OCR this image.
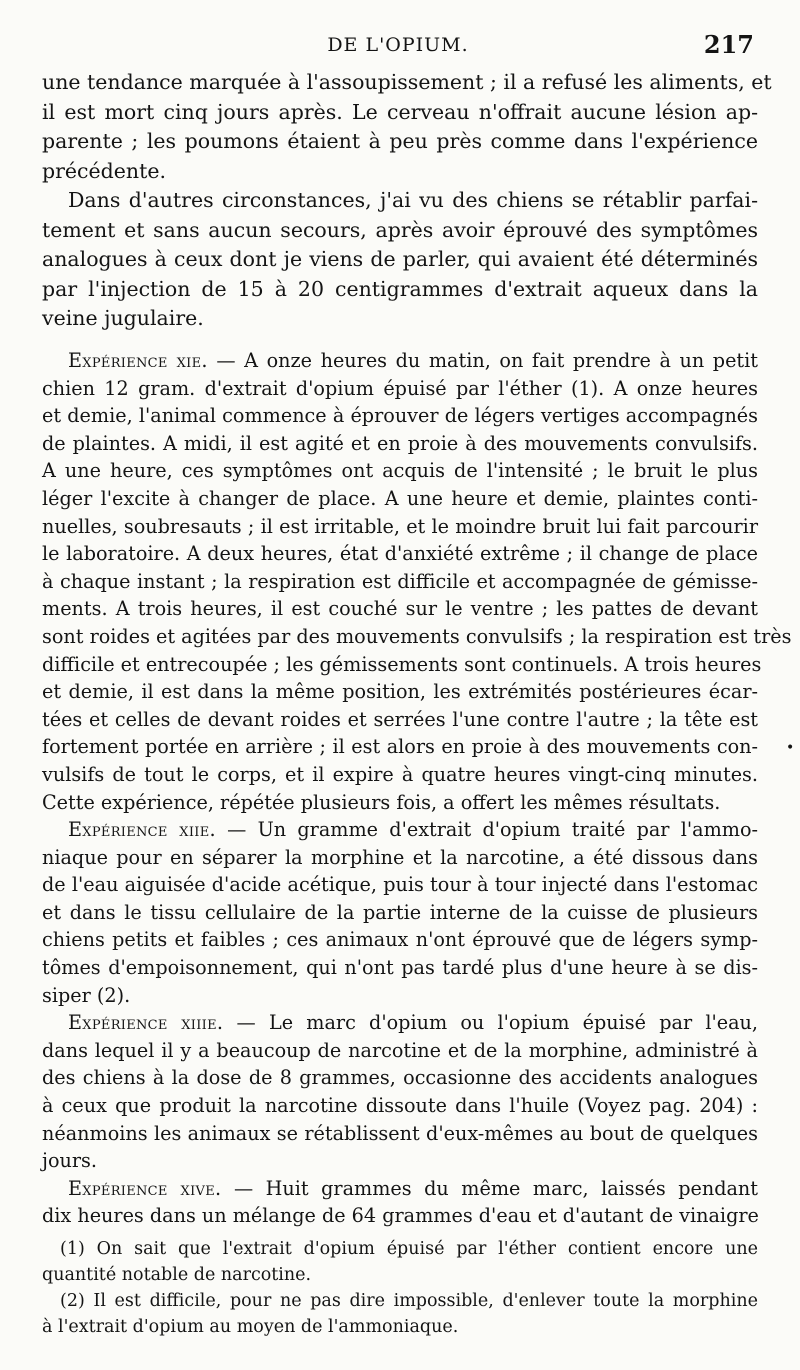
DE L'OPIUM.	217
une tendance marquée à l'assoupissement ; il a refusé les aliments, et
il est mort cinq jours après. Le cerveau n'offrait aucune lésion ap-
parente ; les poumons étaient à peu près comme dans l'expérience
précédente.
Dans d'autres circonstances, j'ai vu des chiens se rétablir parfai-
tement et sans aucun secours, après avoir éprouvé des symptômes
analogues à ceux dont je viens de parler, qui avaient été déterminés
par l'injection de 15 à 20 centigrammes d'extrait aqueux dans la
veine jugulaire.
Expérience xie. — A onze heures du matin, on fait prendre à un petit
chien 12 gram. d'extrait d'opium épuisé par l'éther (1). A onze heures
et demie, l'animal commence à éprouver de légers vertiges accompagnés
de plaintes. A midi, il est agité et en proie à des mouvements convulsifs.
A une heure, ces symptômes ont acquis de l'intensité ; le bruit le plus
léger l'excite à changer de place. A une heure et demie, plaintes conti-
nuelles, soubresauts ; il est irritable, et le moindre bruit lui fait parcourir
le laboratoire. A deux heures, état d'anxiété extrême ; il change de place
à chaque instant ; la respiration est difficile et accompagnée de gémisse-
ments. A trois heures, il est couché sur le ventre ; les pattes de devant
sont roides et agitées par des mouvements convulsifs ; la respiration est très
difficile et entrecoupée ; les gémissements sont continuels. A trois heures
et demie, il est dans la même position, les extrémités postérieures écar-
tées et celles de devant roides et serrées l'une contre l'autre ; la tête est
fortement portée en arrière ; il est alors en proie à des mouvements con-
vulsifs de tout le corps, et il expire à quatre heures vingt-cinq minutes.
Cette expérience, répétée plusieurs fois, a offert les mêmes résultats.
Expérience xiie. — Un gramme d'extrait d'opium traité par l'ammo-
niaque pour en séparer la morphine et la narcotine, a été dissous dans
de l'eau aiguisée d'acide acétique, puis tour à tour injecté dans l'estomac
et dans le tissu cellulaire de la partie interne de la cuisse de plusieurs
chiens petits et faibles ; ces animaux n'ont éprouvé que de légers symp-
tômes d'empoisonnement, qui n'ont pas tardé plus d'une heure à se dis-
siper (2).
Expérience xiiie. — Le marc d'opium ou l'opium épuisé par l'eau,
dans lequel il y a beaucoup de narcotine et de la morphine, administré à
des chiens à la dose de 8 grammes, occasionne des accidents analogues
à ceux que produit la narcotine dissoute dans l'huile (Voyez pag. 204) :
néanmoins les animaux se rétablissent d'eux-mêmes au bout de quelques
jours.
Expérience xive. — Huit grammes du même marc, laissés pendant
dix heures dans un mélange de 64 grammes d'eau et d'autant de vinaigre
(1) On sait que l'extrait d'opium épuisé par l'éther contient encore une
quantité notable de narcotine.
(2) Il est difficile, pour ne pas dire impossible, d'enlever toute la morphine
à l'extrait d'opium au moyen de l'ammoniaque.
•
